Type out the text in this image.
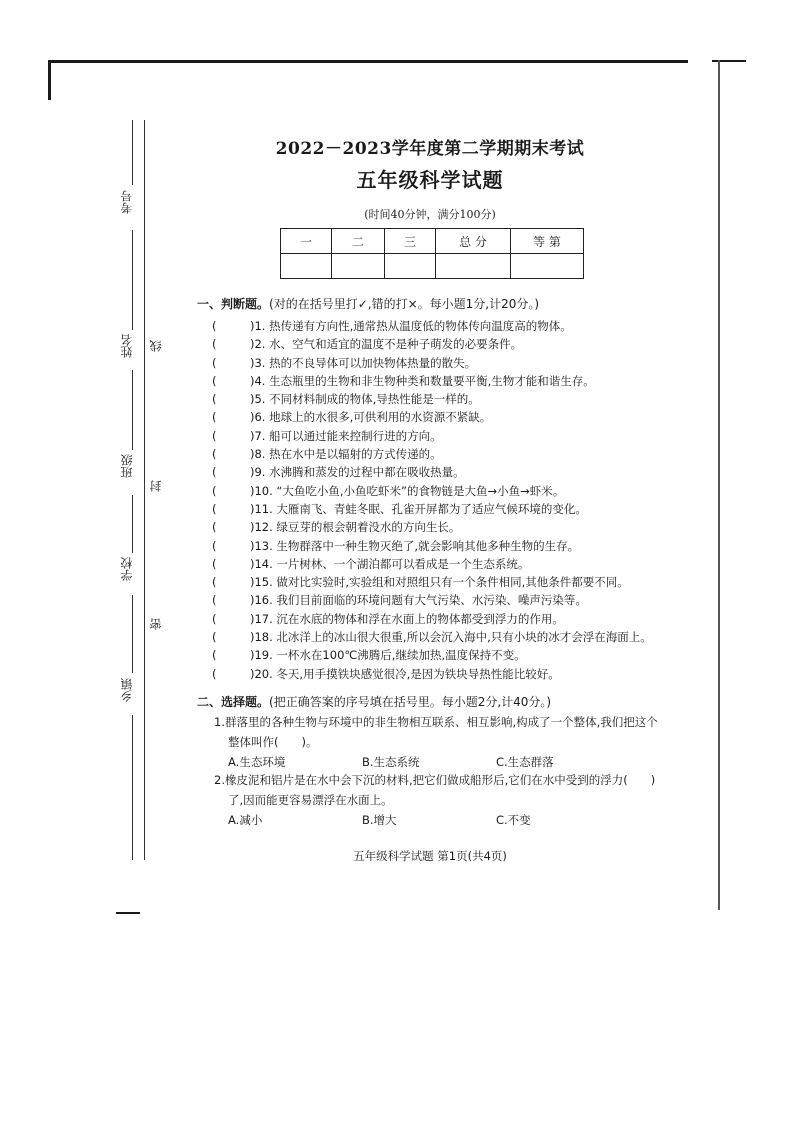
考号
姓名 线
班级
封
学校
密
乡镇
2022－2023学年度第二学期期末考试
五年级科学试题
(时间40分钟，满分100分)
一	二	三	总 分	等 第

一、判断题。(对的在括号里打✓,错的打×。每小题1分,计20分。)
(	)1. 热传递有方向性,通常热从温度低的物体传向温度高的物体。
(	)2. 水、空气和适宜的温度不是种子萌发的必要条件。
(	)3. 热的不良导体可以加快物体热量的散失。
(	)4. 生态瓶里的生物和非生物种类和数量要平衡,生物才能和谐生存。
(	)5. 不同材料制成的物体,导热性能是一样的。
(	)6. 地球上的水很多,可供利用的水资源不紧缺。
(	)7. 船可以通过能来控制行进的方向。
(	)8. 热在水中是以辐射的方式传递的。
(	)9. 水沸腾和蒸发的过程中都在吸收热量。
(	)10. “大鱼吃小鱼,小鱼吃虾米”的食物链是大鱼→小鱼→虾米。
(	)11. 大雁南飞、青蛙冬眠、孔雀开屏都为了适应气候环境的变化。
(	)12. 绿豆芽的根会朝着没水的方向生长。
(	)13. 生物群落中一种生物灭绝了,就会影响其他多种生物的生存。
(	)14. 一片树林、一个湖泊都可以看成是一个生态系统。
(	)15. 做对比实验时,实验组和对照组只有一个条件相同,其他条件都要不同。
(	)16. 我们目前面临的环境问题有大气污染、水污染、噪声污染等。
(	)17. 沉在水底的物体和浮在水面上的物体都受到浮力的作用。
(	)18. 北冰洋上的冰山很大很重,所以会沉入海中,只有小块的冰才会浮在海面上。
(	)19. 一杯水在100℃沸腾后,继续加热,温度保持不变。
(	)20. 冬天,用手摸铁块感觉很冷,是因为铁块导热性能比较好。
二、选择题。(把正确答案的序号填在括号里。每小题2分,计40分。)
1.群落里的各种生物与环境中的非生物相互联系、相互影响,构成了一个整体,我们把这个
整体叫作(　　)。
A.生态环境	B.生态系统	C.生态群落
2.橡皮泥和铝片是在水中会下沉的材料,把它们做成船形后,它们在水中受到的浮力(　　)
了,因而能更容易漂浮在水面上。
A.减小	B.增大	C.不变
五年级科学试题 第1页(共4页)
